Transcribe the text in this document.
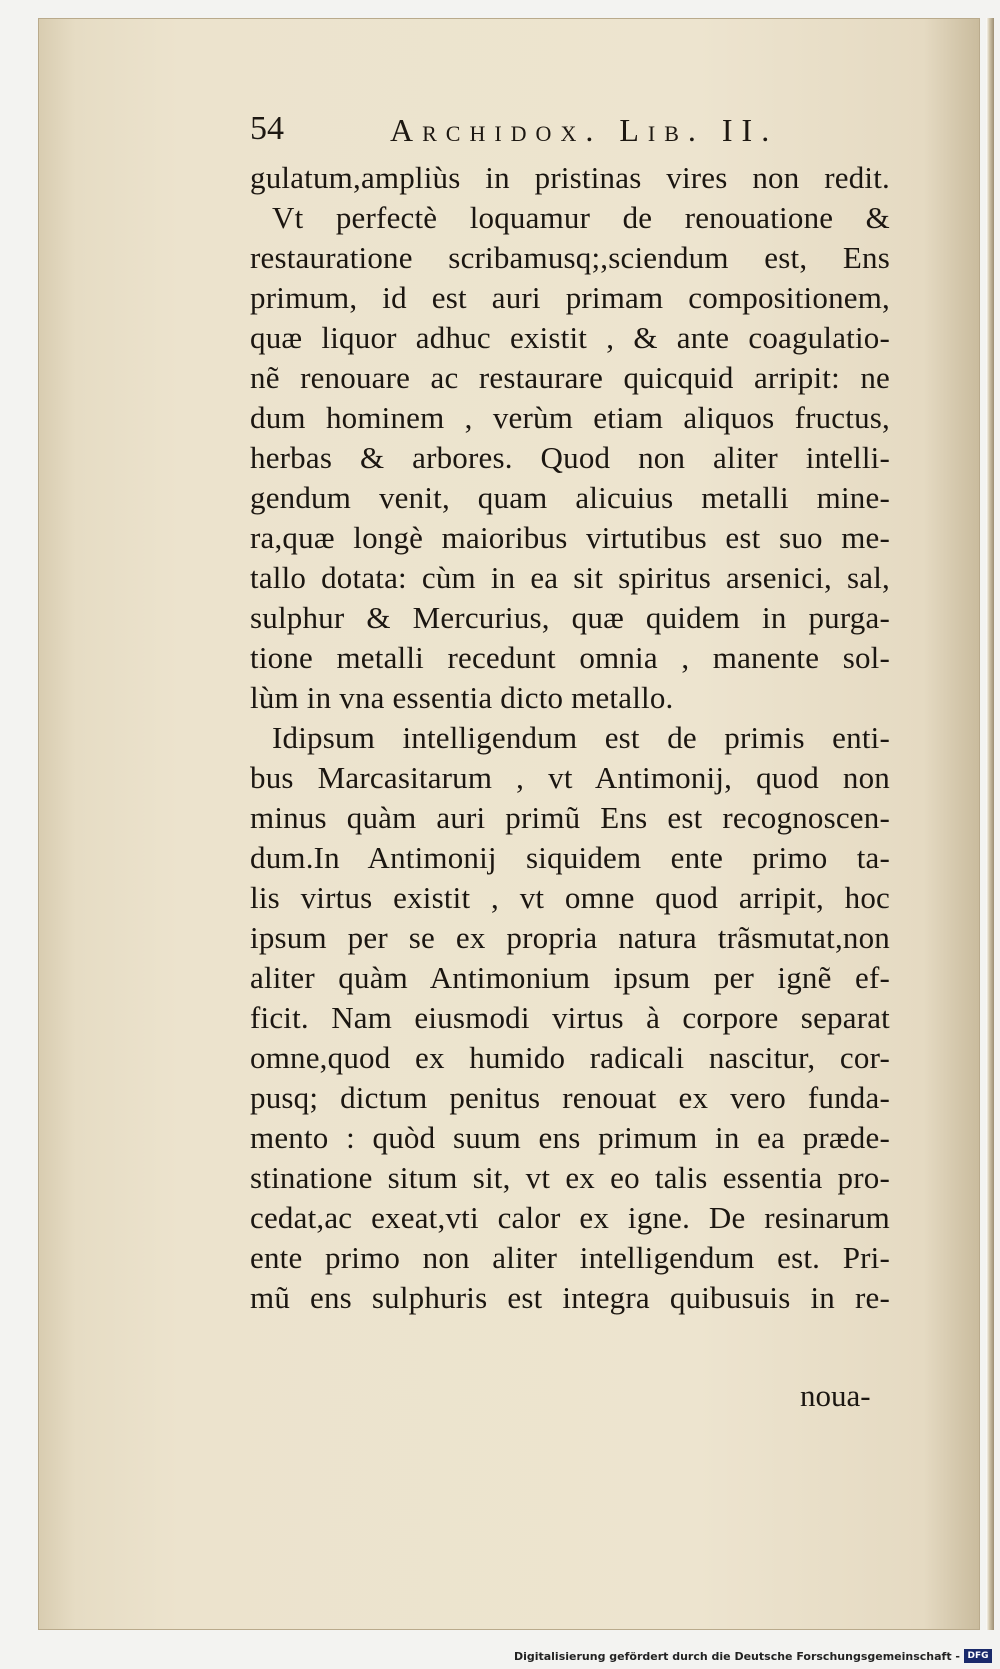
54	Archidox. Lib. II.
gulatum,ampliùs in pristinas vires non redit.
Vt perfectè loquamur de renouatione &
restauratione scribamusq;,sciendum est, Ens
primum, id est auri primam compositionem,
quæ liquor adhuc existit , & ante coagulatio-
nẽ renouare ac restaurare quicquid arripit: ne
dum hominem , verùm etiam aliquos fructus,
herbas & arbores. Quod non aliter intelli-
gendum venit, quam alicuius metalli mine-
ra,quæ longè maioribus virtutibus est suo me-
tallo dotata: cùm in ea sit spiritus arsenici, sal,
sulphur & Mercurius, quæ quidem in purga-
tione metalli recedunt omnia , manente sol-
lùm in vna essentia dicto metallo.
Idipsum intelligendum est de primis enti-
bus Marcasitarum , vt Antimonij, quod non
minus quàm auri primũ Ens est recognoscen-
dum.In Antimonij siquidem ente primo ta-
lis virtus existit , vt omne quod arripit, hoc
ipsum per se ex propria natura trãsmutat,non
aliter quàm Antimonium ipsum per ignẽ ef-
ficit. Nam eiusmodi virtus à corpore separat
omne,quod ex humido radicali nascitur, cor-
pusq; dictum penitus renouat ex vero funda-
mento : quòd suum ens primum in ea præde-
stinatione situm sit, vt ex eo talis essentia pro-
cedat,ac exeat,vti calor ex igne. De resinarum
ente primo non aliter intelligendum est. Pri-
mũ ens sulphuris est integra quibusuis in re-
noua-
Digitalisierung gefördert durch die Deutsche Forschungsgemeinschaft - DFG
